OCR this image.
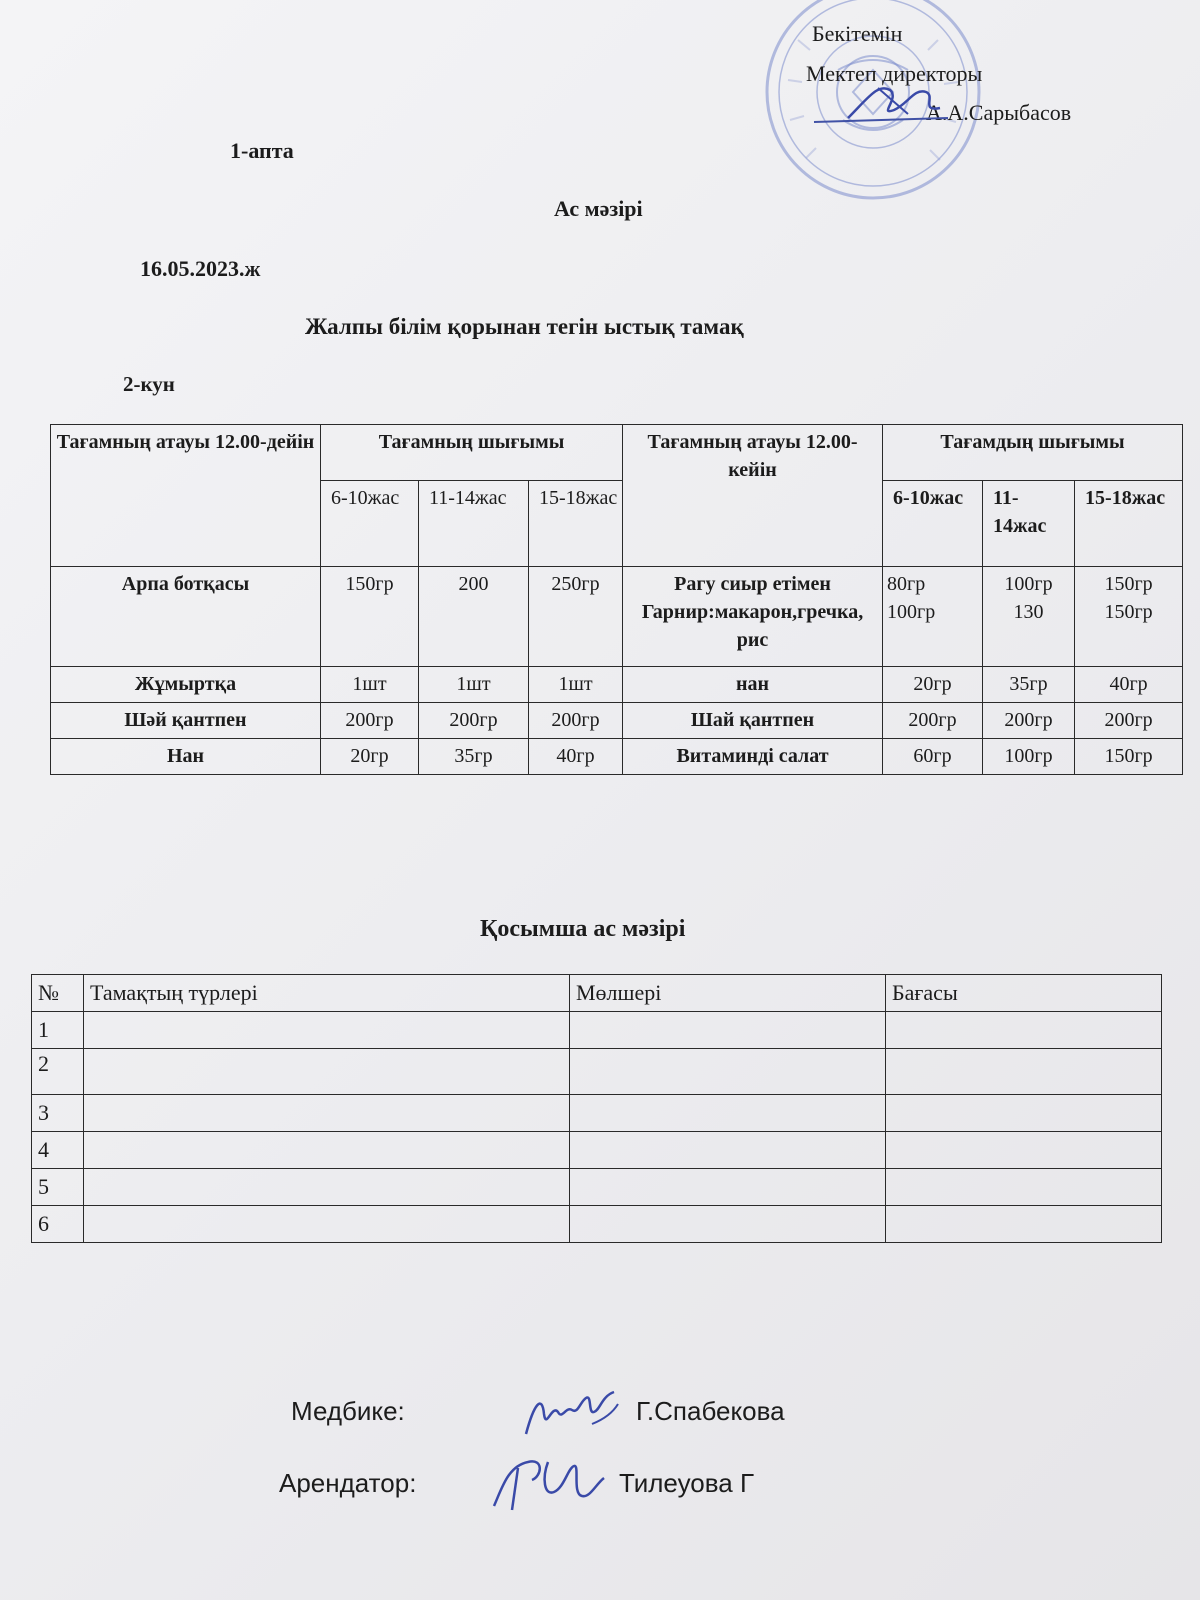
Бекітемін
Мектеп директоры
А.А.Сарыбасов
1-апта
Ас мәзірі
16.05.2023.ж
Жалпы білім қорынан тегін ыстық тамақ
2-кун
Тағамның атауы 12.00-дейін	Тағамның шығымы			Тағамның атауы 12.00-кейін	Тағамдың шығымы		
	6-10жас	11-14жас	15-18жас		6-10жас	11-14жас	15-18жас
Арпа ботқасы	150гр	200	250гр	Рагу сиыр етімен Гарнир:макарон,гречка, рис	80гр 100гр	100гр 130	150гр 150гр
Жұмыртқа	1шт	1шт	1шт	нан	20гр	35гр	40гр
Шәй қантпен	200гр	200гр	200гр	Шай қантпен	200гр	200гр	200гр
Нан	20гр	35гр	40гр	Витаминді салат	60гр	100гр	150гр
Қосымша ас мәзірі
№	Тамақтың түрлері	Мөлшері	Бағасы
1			
2			
3			
4			
5			
6			
Медбике:	Г.Спабекова
Арендатор:	Тилеуова Г
